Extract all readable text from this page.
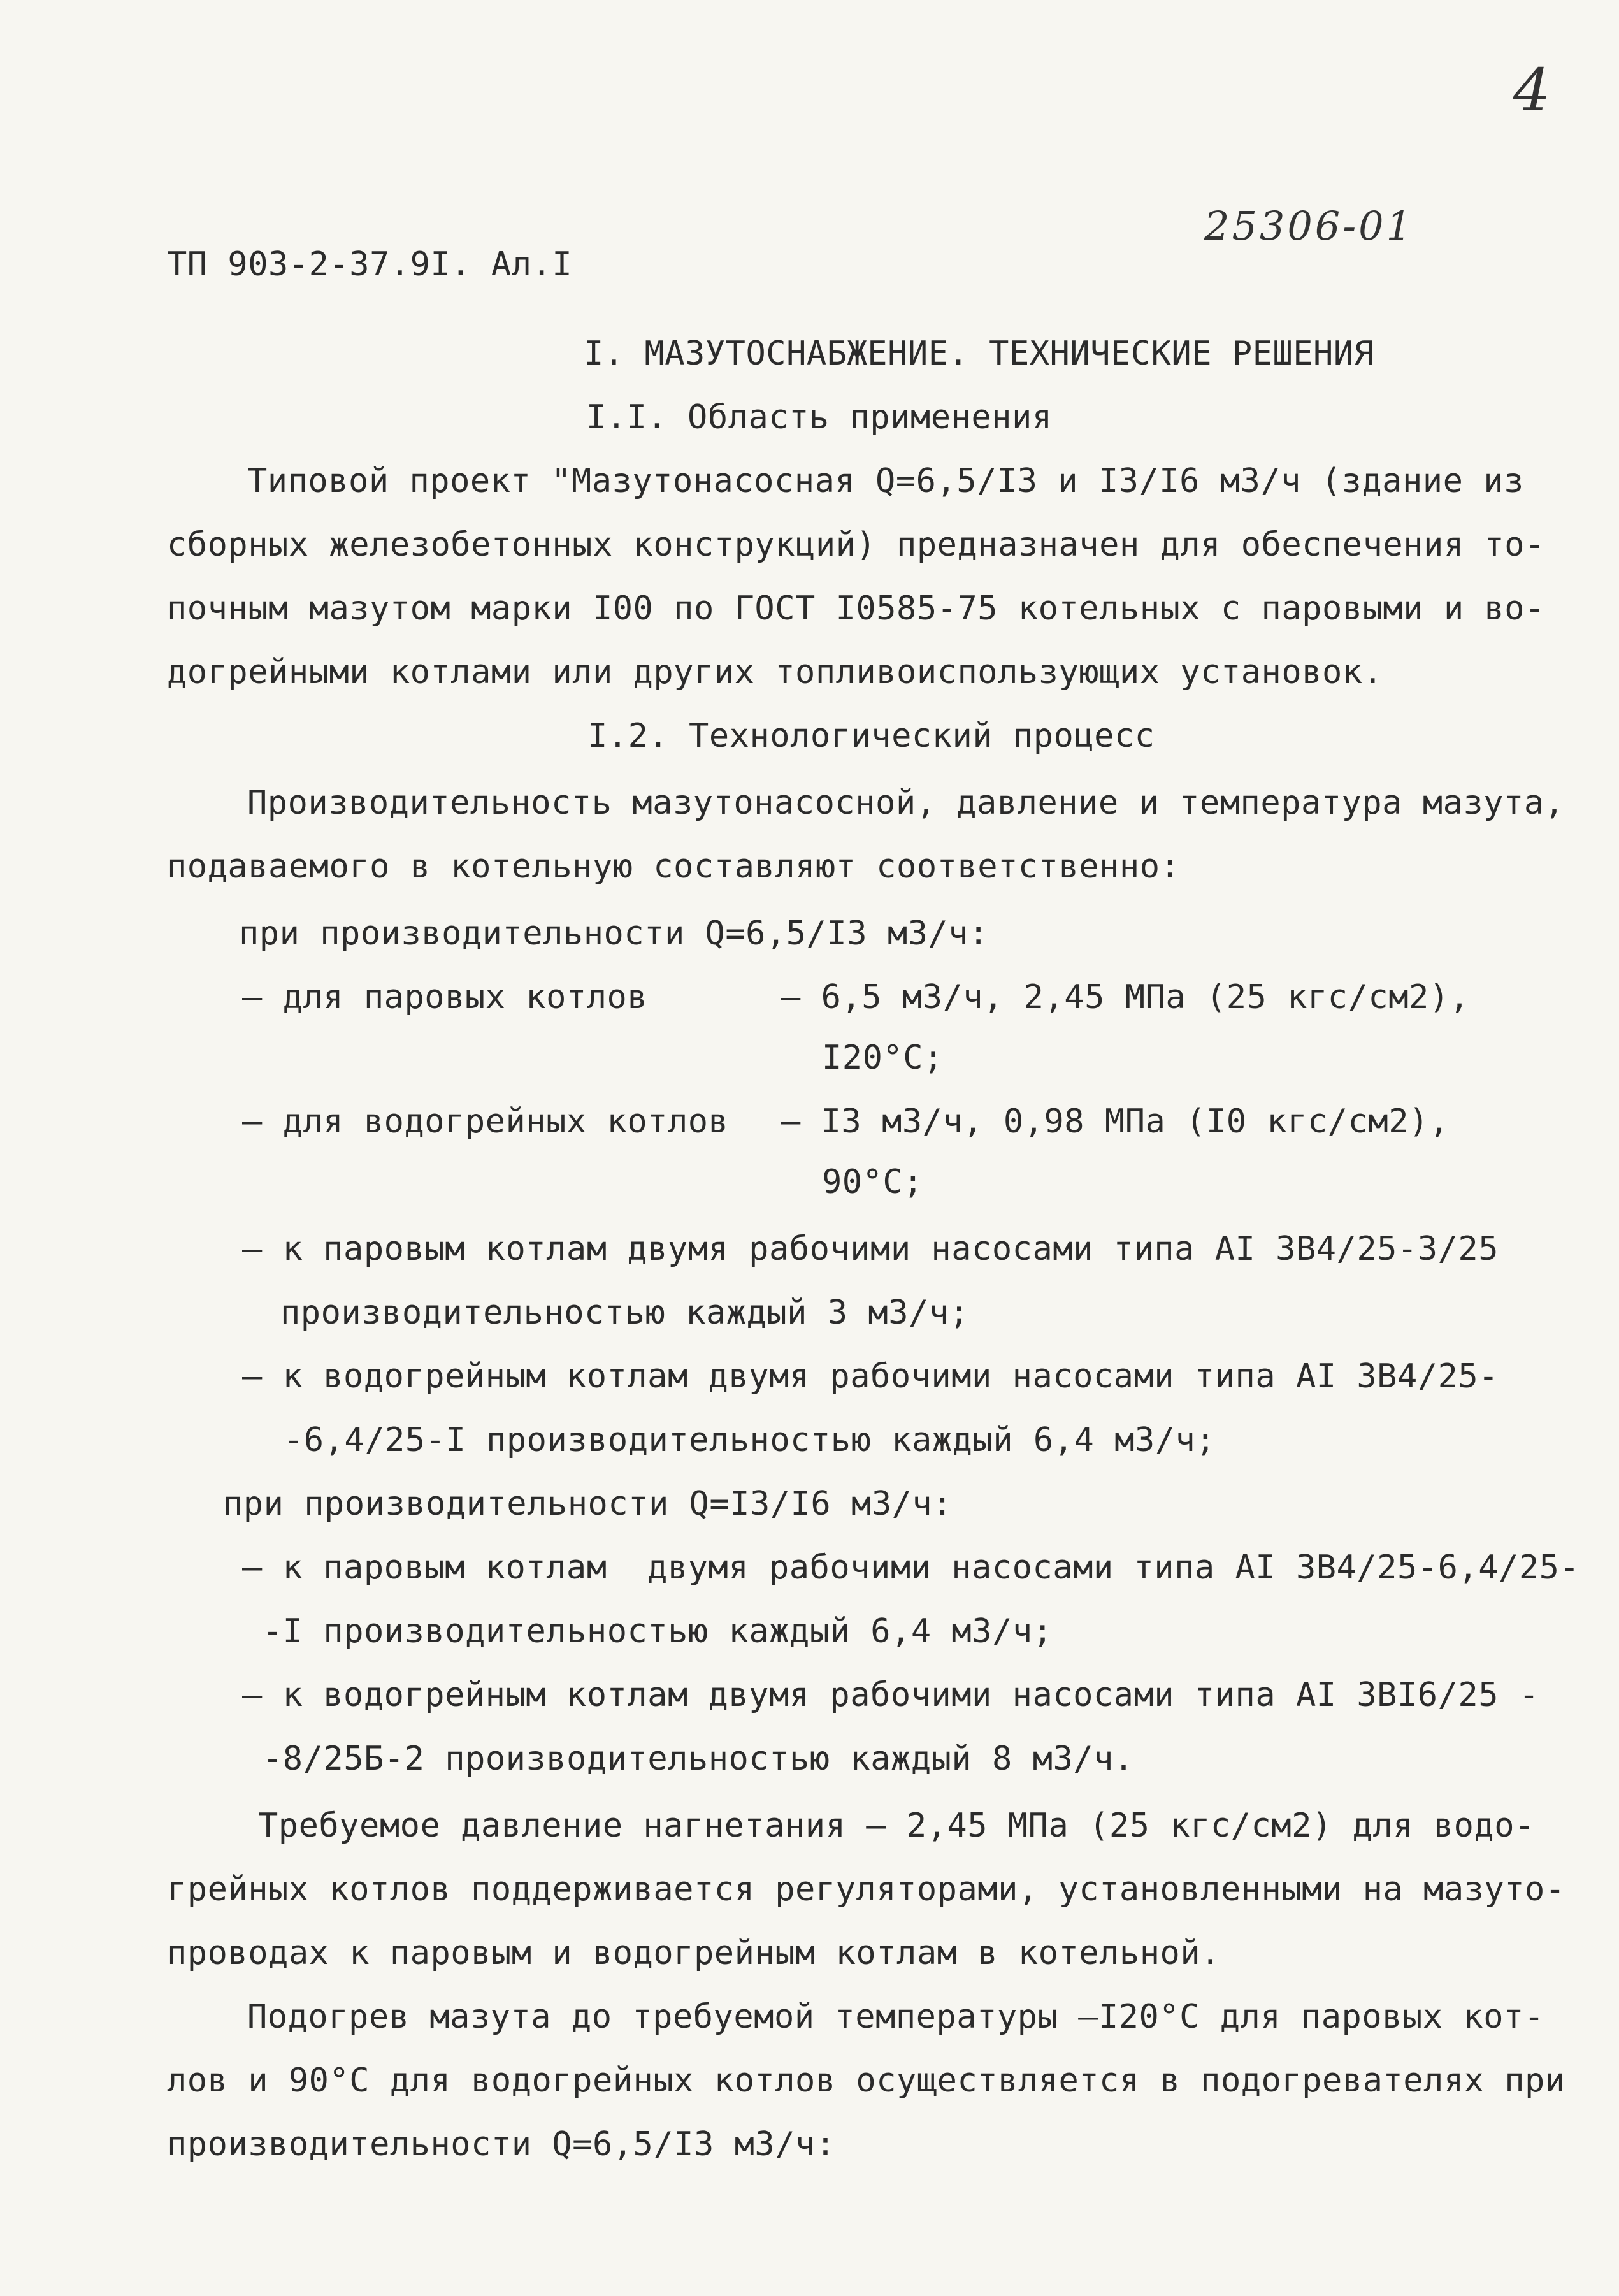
4
25306-01
ТП 903-2-37.9I. Ал.I
I. МАЗУТОСНАБЖЕНИЕ. ТЕХНИЧЕСКИЕ РЕШЕНИЯ
I.I. Область применения
Типовой проект "Мазутонасосная Q=6,5/I3 и I3/I6 м3/ч (здание из
сборных железобетонных конструкций) предназначен для обеспечения то-
почным мазутом марки I00 по ГОСТ I0585-75 котельных с паровыми и во-
догрейными котлами или других топливоиспользующих установок.
I.2. Технологический процесс
Производительность мазутонасосной, давление и температура мазута,
подаваемого в котельную составляют соответственно:
при производительности Q=6,5/I3 м3/ч:
– для паровых котлов	– 6,5 м3/ч, 2,45 МПа (25 кгс/см2),
I20°C;
– для водогрейных котлов – I3 м3/ч, 0,98 МПа (I0 кгс/см2),
90°C;
– к паровым котлам двумя рабочими насосами типа AI 3В4/25-3/25
производительностью каждый 3 м3/ч;
– к водогрейным котлам двумя рабочими насосами типа AI 3В4/25-
-6,4/25-I производительностью каждый 6,4 м3/ч;
при производительности Q=I3/I6 м3/ч:
– к паровым котлам  двумя рабочими насосами типа AI 3В4/25-6,4/25-
-I производительностью каждый 6,4 м3/ч;
– к водогрейным котлам двумя рабочими насосами типа AI 3ВI6/25 -
-8/25Б-2 производительностью каждый 8 м3/ч.
Требуемое давление нагнетания – 2,45 МПа (25 кгс/см2) для водо-
грейных котлов поддерживается регуляторами, установленными на мазуто-
проводах к паровым и водогрейным котлам в котельной.
Подогрев мазута до требуемой температуры –I20°C для паровых кот-
лов и 90°C для водогрейных котлов осуществляется в подогревателях при
производительности Q=6,5/I3 м3/ч:
